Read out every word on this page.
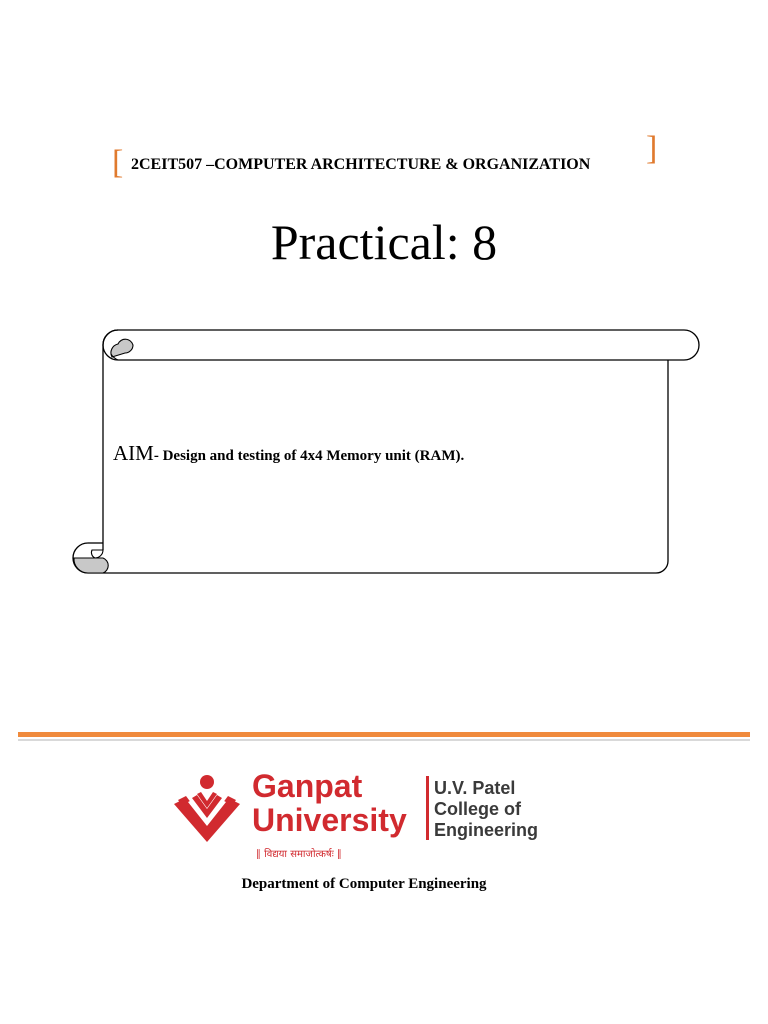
[ 2CEIT507 –COMPUTER ARCHITECTURE & ORGANIZATION ]
Practical: 8
AIM- Design and testing of 4x4 Memory unit (RAM).
Ganpat
University
∥ विद्यया समाजोत्कर्षः ∥
U.V. Patel
College of
Engineering
Department of Computer Engineering
